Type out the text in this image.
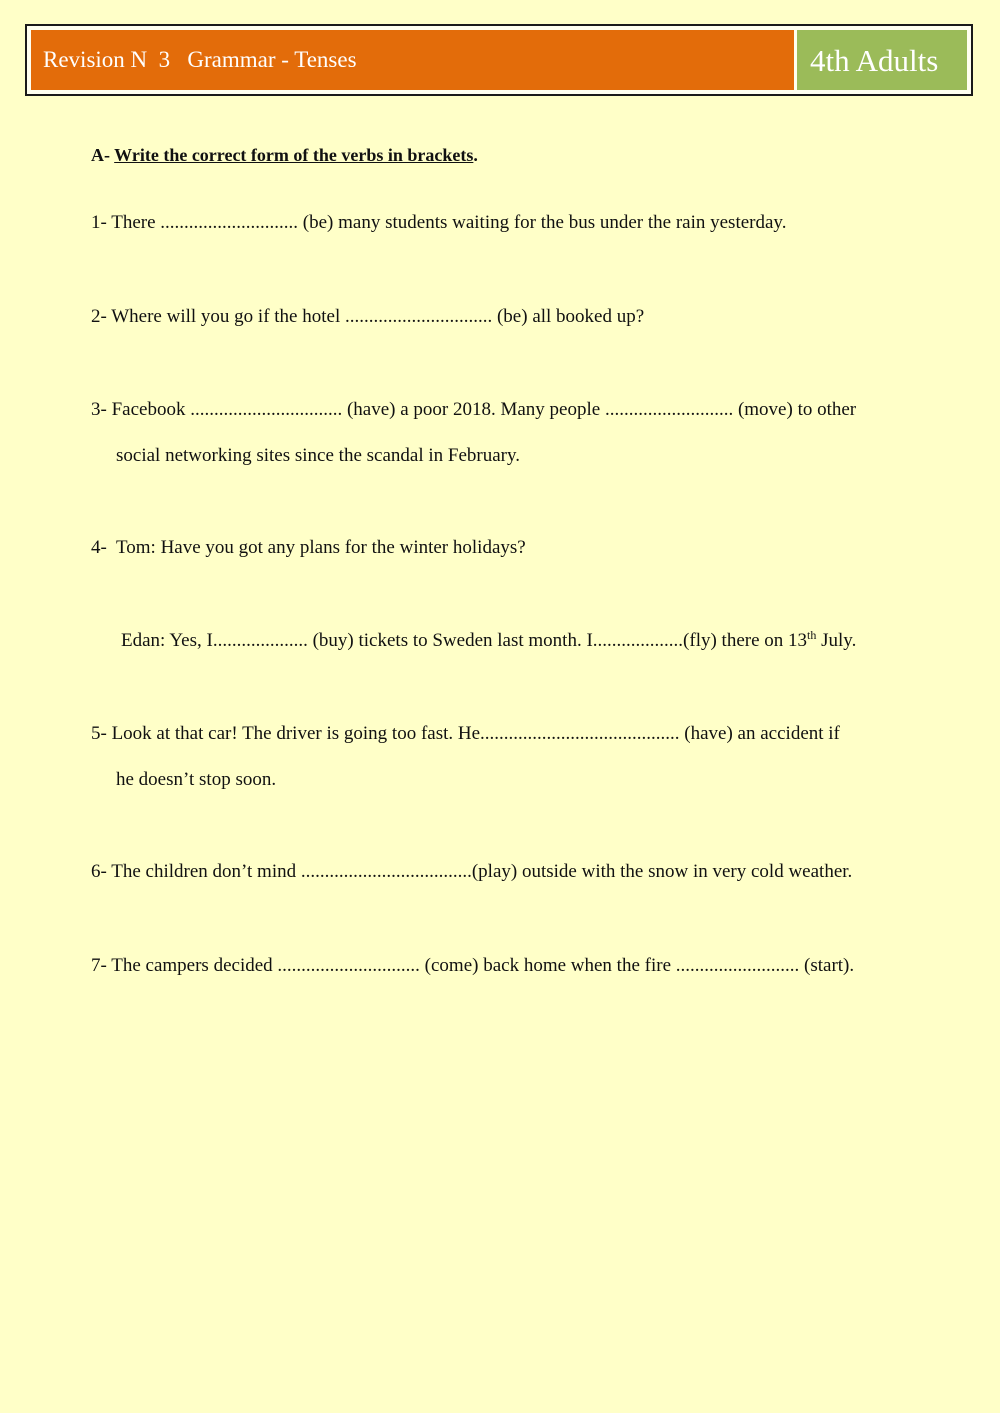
Revision N  3   Grammar - Tenses	4th Adults
A- Write the correct form of the verbs in brackets.
1- There ............................. (be) many students waiting for the bus under the rain yesterday.
2- Where will you go if the hotel ............................... (be) all booked up?
3- Facebook ................................ (have) a poor 2018. Many people ........................... (move) to other
social networking sites since the scandal in February.
4-  Tom: Have you got any plans for the winter holidays?
Edan: Yes, I.................... (buy) tickets to Sweden last month. I...................(fly) there on 13th July.
5- Look at that car! The driver is going too fast. He.......................................... (have) an accident if
he doesn’t stop soon.
6- The children don’t mind ....................................(play) outside with the snow in very cold weather.
7- The campers decided .............................. (come) back home when the fire .......................... (start).
